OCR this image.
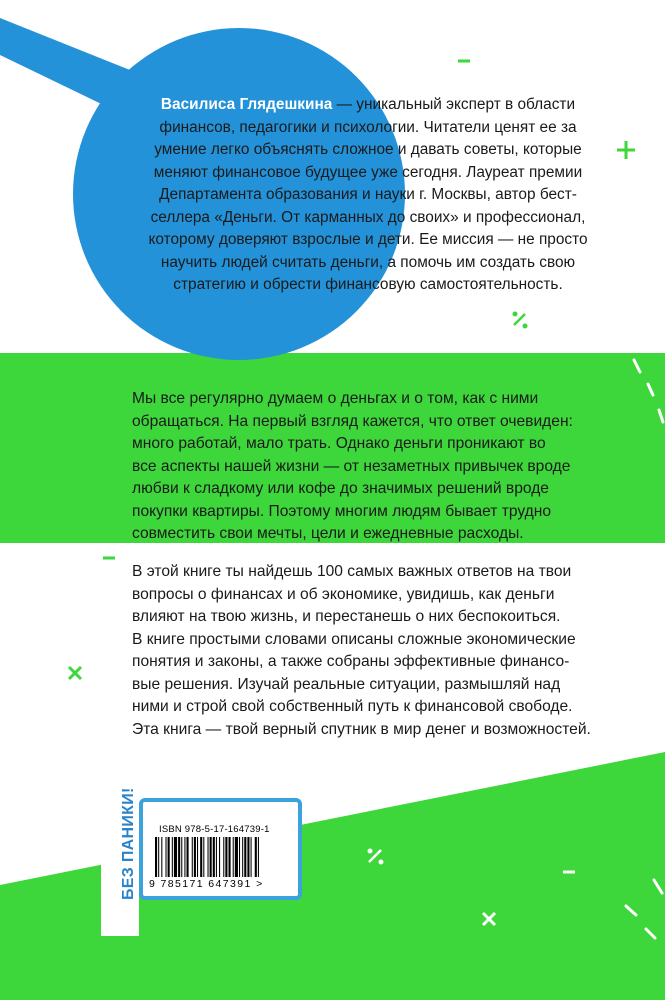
Василиса Глядешкина — уникальный эксперт в области

финансов, педагогики и психологии. Читатели ценят ее за

умение легко объяснять сложное и давать советы, которые

меняют финансовое будущее уже сегодня. Лауреат премии

Департамента образования и науки г. Москвы, автор бест-

селлера «Деньги. От карманных до своих» и профессионал,

которому доверяют взрослые и дети. Ее миссия — не просто

научить людей считать деньги, а помочь им создать свою

стратегию и обрести финансовую самостоятельность.

Мы все регулярно думаем о деньгах и о том, как с ними

обращаться. На первый взгляд кажется, что ответ очевиден:

много работай, мало трать. Однако деньги проникают во

все аспекты нашей жизни — от незаметных привычек вроде

любви к сладкому или кофе до значимых решений вроде

покупки квартиры. Поэтому многим людям бывает трудно

совместить свои мечты, цели и ежедневные расходы.

В этой книге ты найдешь 100 самых важных ответов на твои

вопросы о финансах и об экономике, увидишь, как деньги

влияют на твою жизнь, и перестанешь о них беспокоиться.

В книге простыми словами описаны сложные экономические

понятия и законы, а также собраны эффективные финансо-

вые решения. Изучай реальные ситуации, размышляй над

ними и строй свой собственный путь к финансовой свободе.

Эта книга — твой верный спутник в мир денег и возможностей.

БЕЗ ПАНИКИ! ISBN 978-5-17-164739-1
9 785171 647391 >
